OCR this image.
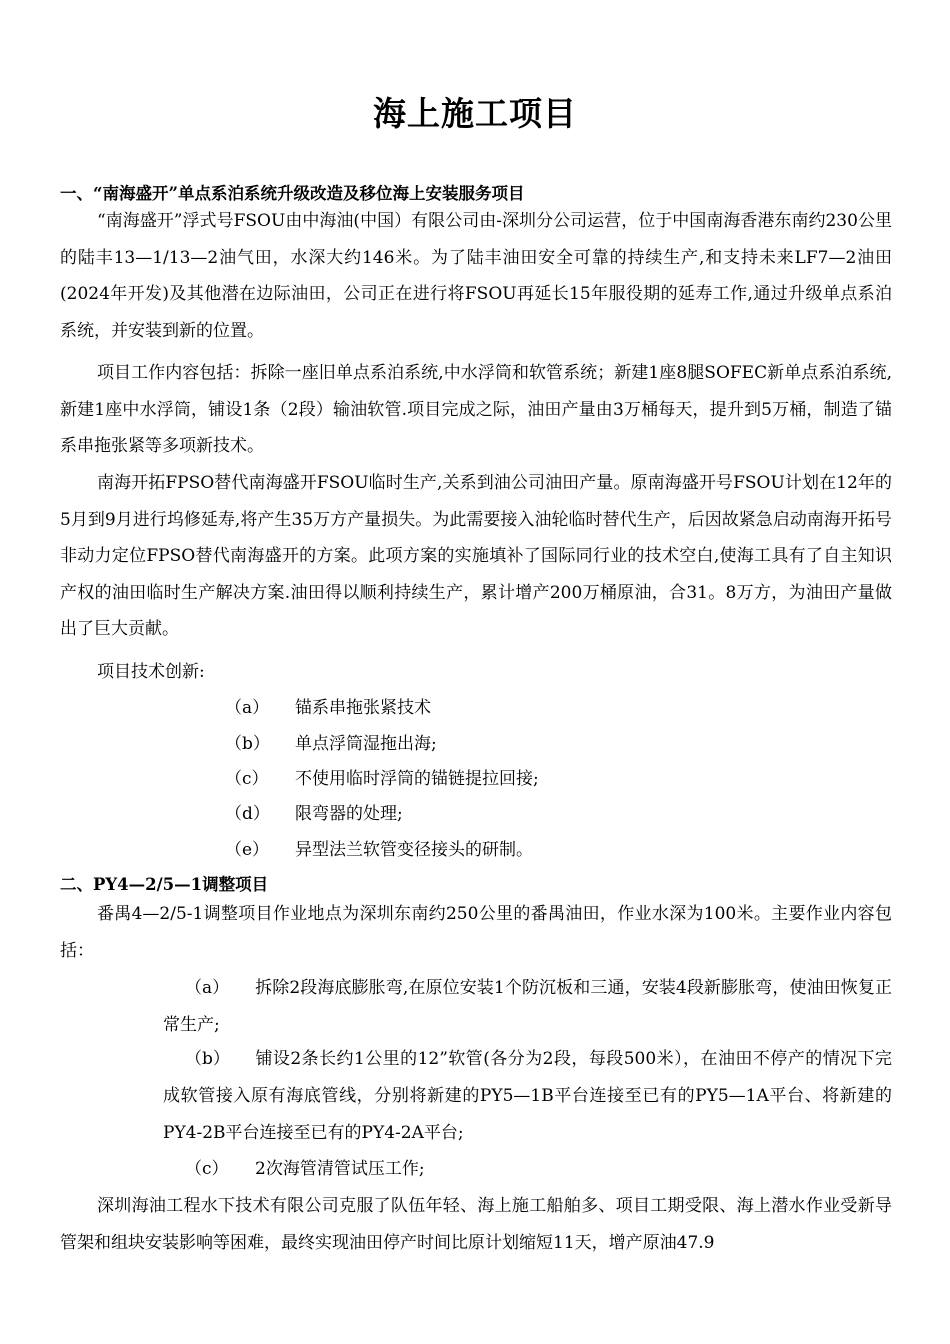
海上施工项目
一、“南海盛开”单点系泊系统升级改造及移位海上安装服务项目

“南海盛开”浮式号FSOU由中海油(中国）有限公司由-深圳分公司运营，位于中国南海香港东南约230公里的陆丰13—1/13—2油气田，水深大约146米。为了陆丰油田安全可靠的持续生产,和支持未来LF7—2油田(2024年开发)及其他潜在边际油田，公司正在进行将FSOU再延长15年服役期的延寿工作,通过升级单点系泊系统，并安装到新的位置。

项目工作内容包括：拆除一座旧单点系泊系统,中水浮筒和软管系统；新建1座8腿SOFEC新单点系泊系统,新建1座中水浮筒，铺设1条（2段）输油软管.项目完成之际，油田产量由3万桶每天，提升到5万桶，制造了锚系串拖张紧等多项新技术。

南海开拓FPSO替代南海盛开FSOU临时生产,关系到油公司油田产量。原南海盛开号FSOU计划在12年的5月到9月进行坞修延寿,将产生35万方产量损失。为此需要接入油轮临时替代生产，后因故紧急启动南海开拓号非动力定位FPSO替代南海盛开的方案。此项方案的实施填补了国际同行业的技术空白,使海工具有了自主知识产权的油田临时生产解决方案.油田得以顺利持续生产，累计增产200万桶原油，合31。8万方，为油田产量做出了巨大贡献。

项目技术创新:
（a） 锚系串拖张紧技术
（b） 单点浮筒湿拖出海;
（c） 不使用临时浮筒的锚链提拉回接;
（d） 限弯器的处理;
（e） 异型法兰软管变径接头的研制。
二、PY4—2/5—1调整项目

番禺4—2/5-1调整项目作业地点为深圳东南约250公里的番禺油田，作业水深为100米。主要作业内容包括：

（a） 拆除2段海底膨胀弯,在原位安装1个防沉板和三通，安装4段新膨胀弯，使油田恢复正常生产;

（b） 铺设2条长约1公里的12”软管(各分为2段，每段500米），在油田不停产的情况下完成软管接入原有海底管线，分别将新建的PY5—1B平台连接至已有的PY5—1A平台、将新建的PY4-2B平台连接至已有的PY4-2A平台;

（c） 2次海管清管试压工作;

深圳海油工程水下技术有限公司克服了队伍年轻、海上施工船舶多、项目工期受限、海上潜水作业受新导管架和组块安装影响等困难，最终实现油田停产时间比原计划缩短11天，增产原油47.9
